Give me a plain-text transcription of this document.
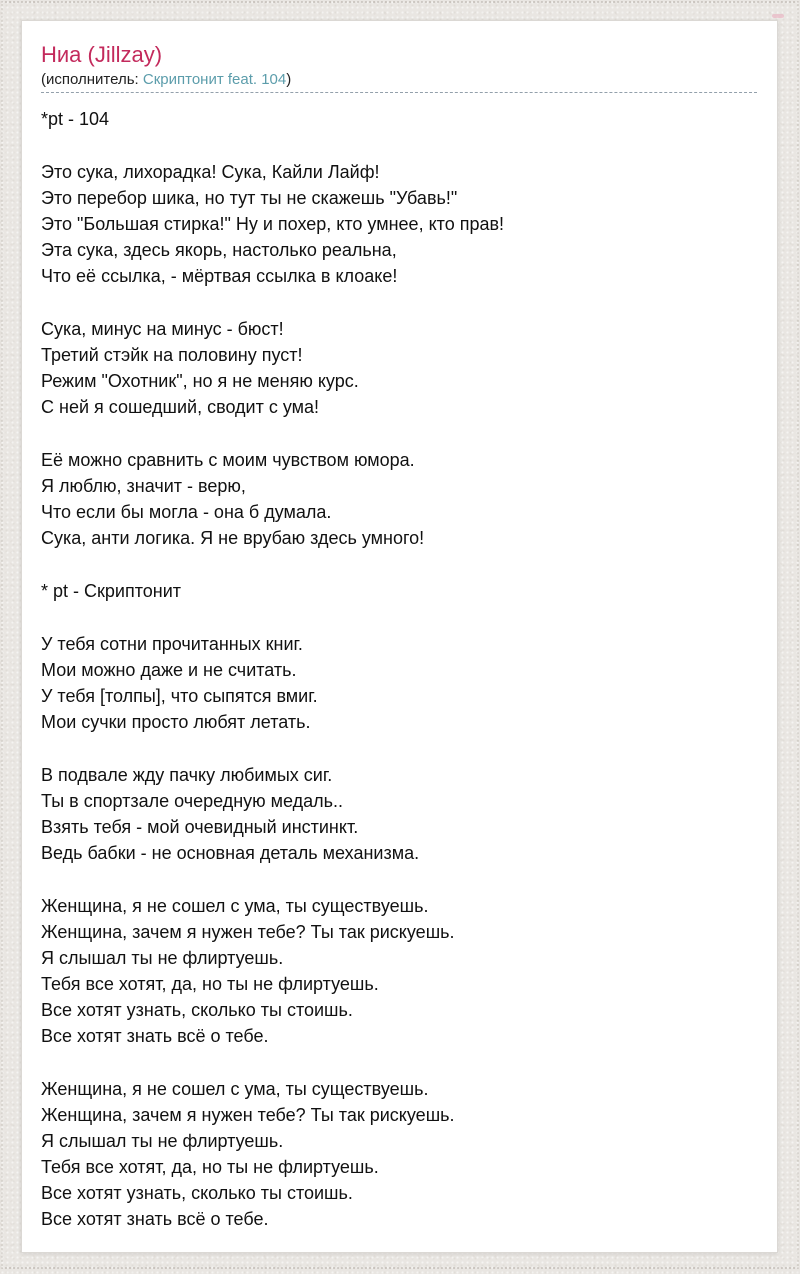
Ниа (Jillzay)
(исполнитель: Скриптонит feat. 104)
*pt - 104
Это сука, лихорадка! Сука, Кайли Лайф!
Это перебор шика, но тут ты не скажешь "Убавь!"
Это "Большая стирка!" Ну и похер, кто умнее, кто прав!
Эта сука, здесь якорь, настолько реальна,
Что её ссылка, - мёртвая ссылка в клоаке!
Сука, минус на минус - бюст!
Третий стэйк на половину пуст!
Режим "Охотник", но я не меняю курс.
С ней я сошедший, сводит с ума!
Её можно сравнить с моим чувством юмора.
Я люблю, значит - верю,
Что если бы могла - она б думала.
Сука, анти логика. Я не врубаю здесь умного!
* pt - Скриптонит
У тебя сотни прочитанных книг.
Мои можно даже и не считать.
У тебя [толпы], что сыпятся вмиг.
Мои сучки просто любят летать.
В подвале жду пачку любимых сиг.
Ты в спортзале очередную медаль..
Взять тебя - мой очевидный инстинкт.
Ведь бабки - не основная деталь механизма.
Женщина, я не сошел с ума, ты существуешь.
Женщина, зачем я нужен тебе? Ты так рискуешь.
Я слышал ты не флиртуешь.
Тебя все хотят, да, но ты не флиртуешь.
Все хотят узнать, сколько ты стоишь.
Все хотят знать всё о тебе.
Женщина, я не сошел с ума, ты существуешь.
Женщина, зачем я нужен тебе? Ты так рискуешь.
Я слышал ты не флиртуешь.
Тебя все хотят, да, но ты не флиртуешь.
Все хотят узнать, сколько ты стоишь.
Все хотят знать всё о тебе.
